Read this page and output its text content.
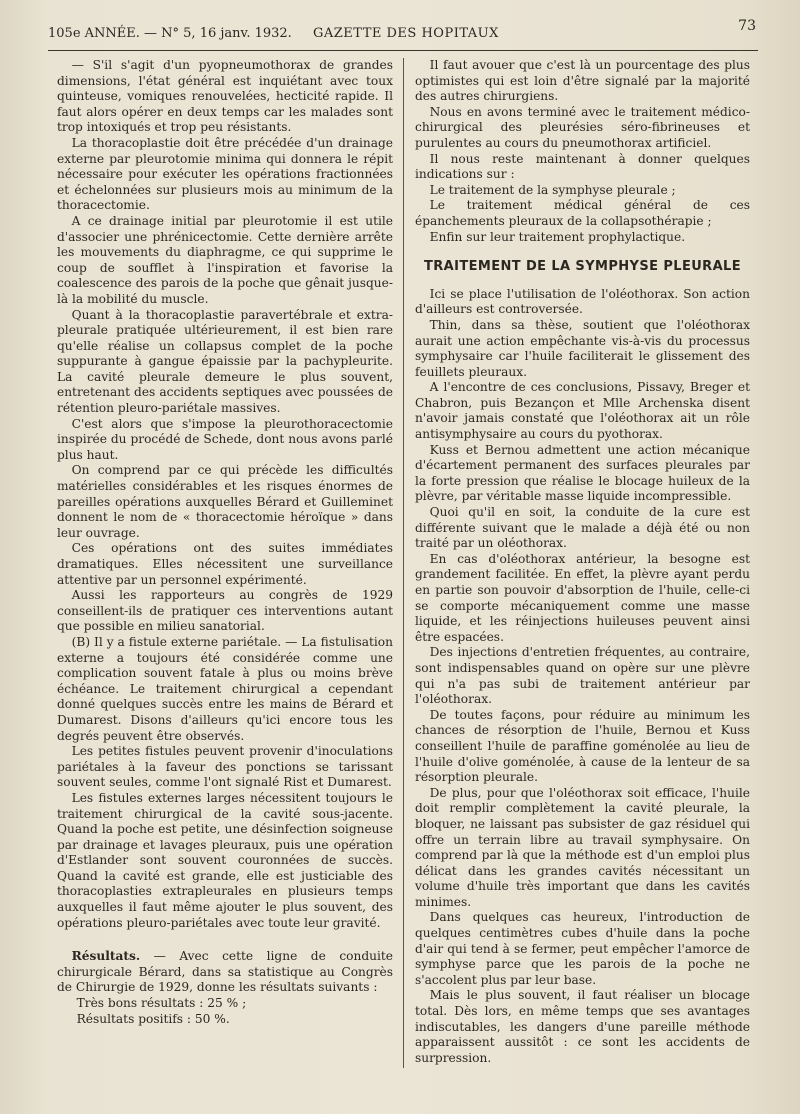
105e ANNÉE. — N° 5, 16 janv. 1932. GAZETTE DES HOPITAUX	73

— S'il s'agit d'un pyopneumothorax de grandes dimensions, l'état général est inquiétant avec toux quinteuse, vomiques renouvelées, hecticité rapide. Il faut alors opérer en deux temps car les malades sont trop intoxiqués et trop peu résistants.

La thoracoplastie doit être précédée d'un drainage externe par pleurotomie minima qui donnera le répit nécessaire pour exécuter les opérations fractionnées et échelonnées sur plusieurs mois au minimum de la thoracectomie.

A ce drainage initial par pleurotomie il est utile d'associer une phrénicectomie. Cette dernière arrête les mouvements du diaphragme, ce qui supprime le coup de soufflet à l'inspiration et favorise la coalescence des parois de la poche que gênait jusque-là la mobilité du muscle.

Quant à la thoracoplastie paravertébrale et extra-pleurale pratiquée ultérieurement, il est bien rare qu'elle réalise un collapsus complet de la poche suppurante à gangue épaissie par la pachypleurite. La cavité pleurale demeure le plus souvent, entretenant des accidents septiques avec poussées de rétention pleuro-pariétale massives.

C'est alors que s'impose la pleurothoracectomie inspirée du procédé de Schede, dont nous avons parlé plus haut.

On comprend par ce qui précède les difficultés matérielles considérables et les risques énormes de pareilles opérations auxquelles Bérard et Guilleminet donnent le nom de « thoracectomie héroïque » dans leur ouvrage.

Ces opérations ont des suites immédiates dramatiques. Elles nécessitent une surveillance attentive par un personnel expérimenté.

Aussi les rapporteurs au congrès de 1929 conseillent-ils de pratiquer ces interventions autant que possible en milieu sanatorial.

(B) Il y a fistule externe pariétale. — La fistulisation externe a toujours été considérée comme une complication souvent fatale à plus ou moins brève échéance. Le traitement chirurgical a cependant donné quelques succès entre les mains de Bérard et Dumarest. Disons d'ailleurs qu'ici encore tous les degrés peuvent être observés.

Les petites fistules peuvent provenir d'inoculations pariétales à la faveur des ponctions se tarissant souvent seules, comme l'ont signalé Rist et Dumarest.

Les fistules externes larges nécessitent toujours le traitement chirurgical de la cavité sous-jacente. Quand la poche est petite, une désinfection soigneuse par drainage et lavages pleuraux, puis une opération d'Estlander sont souvent couronnées de succès. Quand la cavité est grande, elle est justiciable des thoracoplasties extrapleurales en plusieurs temps auxquelles il faut même ajouter le plus souvent, des opérations pleuro-pariétales avec toute leur gravité.

Résultats. — Avec cette ligne de conduite chirurgicale Bérard, dans sa statistique au Congrès de Chirurgie de 1929, donne les résultats suivants :

Très bons résultats : 25 % ;

Résultats positifs : 50 %.

Il faut avouer que c'est là un pourcentage des plus optimistes qui est loin d'être signalé par la majorité des autres chirurgiens.

Nous en avons terminé avec le traitement médico-chirurgical des pleurésies séro-fibrineuses et purulentes au cours du pneumothorax artificiel.

Il nous reste maintenant à donner quelques indications sur :

Le traitement de la symphyse pleurale ;

Le traitement médical général de ces épanchements pleuraux de la collapsothérapie ;

Enfin sur leur traitement prophylactique.

TRAITEMENT DE LA SYMPHYSE PLEURALE

Ici se place l'utilisation de l'oléothorax. Son action d'ailleurs est controversée.

Thin, dans sa thèse, soutient que l'oléothorax aurait une action empêchante vis-à-vis du processus symphysaire car l'huile faciliterait le glissement des feuillets pleuraux.

A l'encontre de ces conclusions, Pissavy, Breger et Chabron, puis Bezançon et Mlle Archenska disent n'avoir jamais constaté que l'oléothorax ait un rôle antisymphysaire au cours du pyothorax.

Kuss et Bernou admettent une action mécanique d'écartement permanent des surfaces pleurales par la forte pression que réalise le blocage huileux de la plèvre, par véritable masse liquide incompressible.

Quoi qu'il en soit, la conduite de la cure est différente suivant que le malade a déjà été ou non traité par un oléothorax.

En cas d'oléothorax antérieur, la besogne est grandement facilitée. En effet, la plèvre ayant perdu en partie son pouvoir d'absorption de l'huile, celle-ci se comporte mécaniquement comme une masse liquide, et les réinjections huileuses peuvent ainsi être espacées.

Des injections d'entretien fréquentes, au contraire, sont indispensables quand on opère sur une plèvre qui n'a pas subi de traitement antérieur par l'oléothorax.

De toutes façons, pour réduire au minimum les chances de résorption de l'huile, Bernou et Kuss conseillent l'huile de paraffine goménolée au lieu de l'huile d'olive goménolée, à cause de la lenteur de sa résorption pleurale.

De plus, pour que l'oléothorax soit efficace, l'huile doit remplir complètement la cavité pleurale, la bloquer, ne laissant pas subsister de gaz résiduel qui offre un terrain libre au travail symphysaire. On comprend par là que la méthode est d'un emploi plus délicat dans les grandes cavités nécessitant un volume d'huile très important que dans les cavités minimes.

Dans quelques cas heureux, l'introduction de quelques centimètres cubes d'huile dans la poche d'air qui tend à se fermer, peut empêcher l'amorce de symphyse parce que les parois de la poche ne s'accolent plus par leur base.

Mais le plus souvent, il faut réaliser un blocage total. Dès lors, en même temps que ses avantages indiscutables, les dangers d'une pareille méthode apparaissent aussitôt : ce sont les accidents de surpression.
